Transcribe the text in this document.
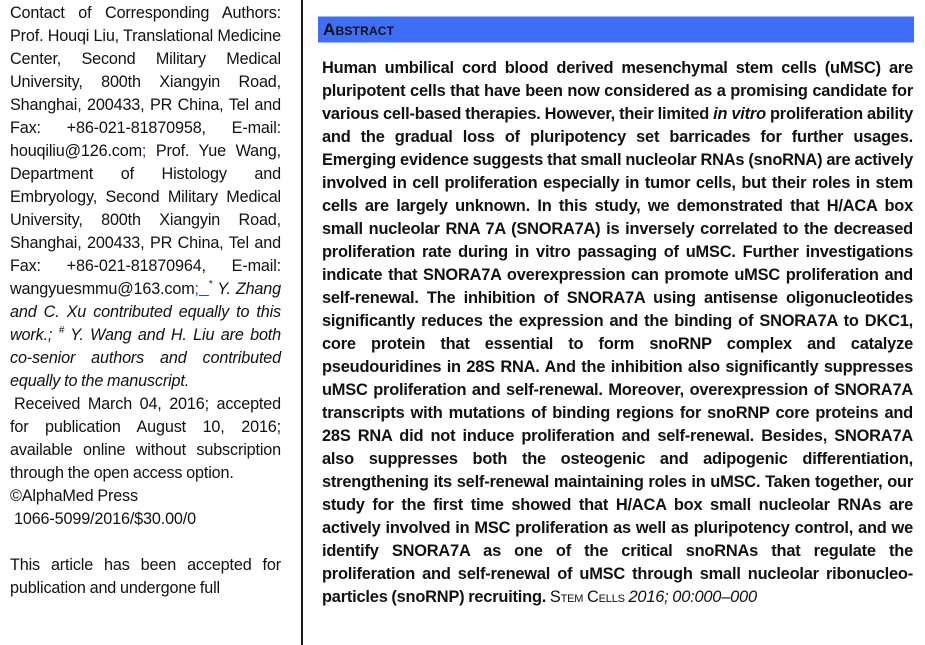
Contact of Corresponding Authors: Prof. Houqi Liu, Translational Medicine Center, Second Military Medical University, 800th Xiangyin Road, Shanghai, 200433, PR China, Tel and Fax: +86-021-81870958, E-mail: houqiliu@126.com; Prof. Yue Wang, Department of Histology and Embryology, Second Military Medical University, 800th Xiangyin Road, Shanghai, 200433, PR China, Tel and Fax: +86-021-81870964, E-mail: wangyuesmmu@163.com; * Y. Zhang and C. Xu contributed equally to this work.; # Y. Wang and H. Liu are both co-senior authors and contributed equally to the manuscript.

Received March 04, 2016; accepted for publication August 10, 2016; available online without subscription through the open access option.

©AlphaMed Press

1066-5099/2016/$30.00/0

This article has been accepted for publication and undergone full

Abstract
Human umbilical cord blood derived mesenchymal stem cells (uMSC) are pluripotent cells that have been now considered as a promising candidate for various cell-based therapies. However, their limited in vitro proliferation ability and the gradual loss of pluripotency set barricades for further usages. Emerging evidence suggests that small nucleolar RNAs (snoRNA) are actively involved in cell proliferation especially in tumor cells, but their roles in stem cells are largely unknown. In this study, we demonstrated that H/ACA box small nucleolar RNA 7A (SNORA7A) is inversely correlated to the decreased proliferation rate during in vitro passaging of uMSC. Further investigations indicate that SNORA7A overexpression can promote uMSC proliferation and self-renewal. The inhibition of SNORA7A using antisense oligonucleotides significantly reduces the expression and the binding of SNORA7A to DKC1, core protein that essential to form snoRNP complex and catalyze pseudouridines in 28S RNA. And the inhibition also significantly suppresses uMSC proliferation and self-renewal. Moreover, overexpression of SNORA7A transcripts with mutations of binding regions for snoRNP core proteins and 28S RNA did not induce proliferation and self-renewal. Besides, SNORA7A also suppresses both the osteogenic and adipogenic differentiation, strengthening its self-renewal maintaining roles in uMSC. Taken together, our study for the first time showed that H/ACA box small nucleolar RNAs are actively involved in MSC proliferation as well as pluripotency control, and we identify SNORA7A as one of the critical snoRNAs that regulate the proliferation and self-renewal of uMSC through small nucleolar ribonucleo-particles (snoRNP) recruiting. Stem Cells 2016; 00:000–000
